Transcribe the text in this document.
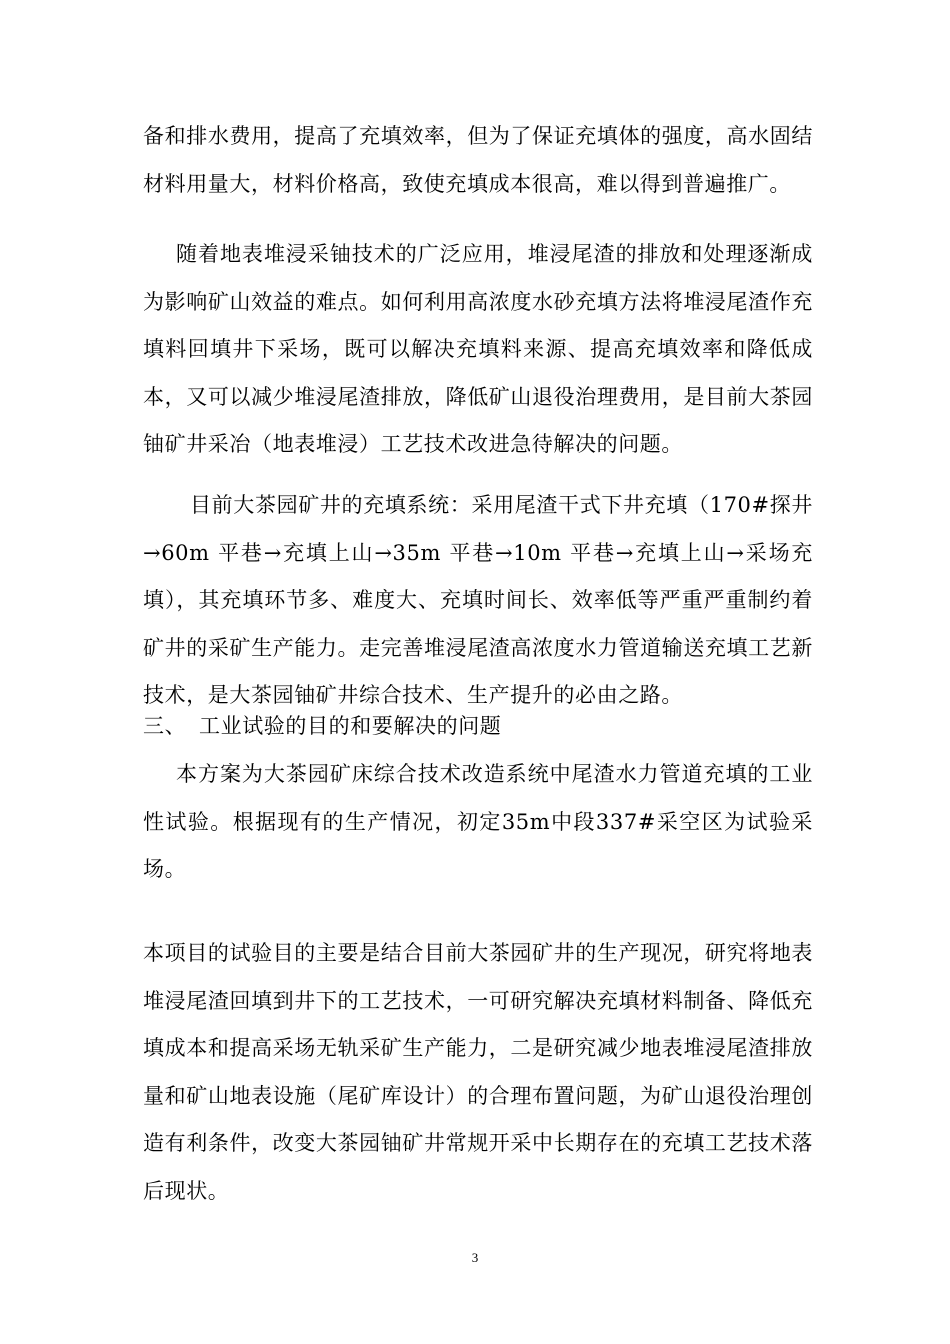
备和排水费用，提高了充填效率，但为了保证充填体的强度，高水固结材料用量大，材料价格高，致使充填成本很高，难以得到普遍推广。

随着地表堆浸采铀技术的广泛应用，堆浸尾渣的排放和处理逐渐成为影响矿山效益的难点。如何利用高浓度水砂充填方法将堆浸尾渣作充填料回填井下采场，既可以解决充填料来源、提高充填效率和降低成本，又可以减少堆浸尾渣排放，降低矿山退役治理费用，是目前大茶园铀矿井采冶（地表堆浸）工艺技术改进急待解决的问题。

目前大茶园矿井的充填系统：采用尾渣干式下井充填（170#探井→60m 平巷→充填上山→35m 平巷→10m 平巷→充填上山→采场充填），其充填环节多、难度大、充填时间长、效率低等严重严重制约着矿井的采矿生产能力。走完善堆浸尾渣高浓度水力管道输送充填工艺新技术，是大茶园铀矿井综合技术、生产提升的必由之路。

三、 工业试验的目的和要解决的问题

本方案为大茶园矿床综合技术改造系统中尾渣水力管道充填的工业性试验。根据现有的生产情况，初定35m中段337#采空区为试验采场。

本项目的试验目的主要是结合目前大茶园矿井的生产现况，研究将地表堆浸尾渣回填到井下的工艺技术，一可研究解决充填材料制备、降低充填成本和提高采场无轨采矿生产能力，二是研究减少地表堆浸尾渣排放量和矿山地表设施（尾矿库设计）的合理布置问题，为矿山退役治理创造有利条件，改变大茶园铀矿井常规开采中长期存在的充填工艺技术落后现状。

3
